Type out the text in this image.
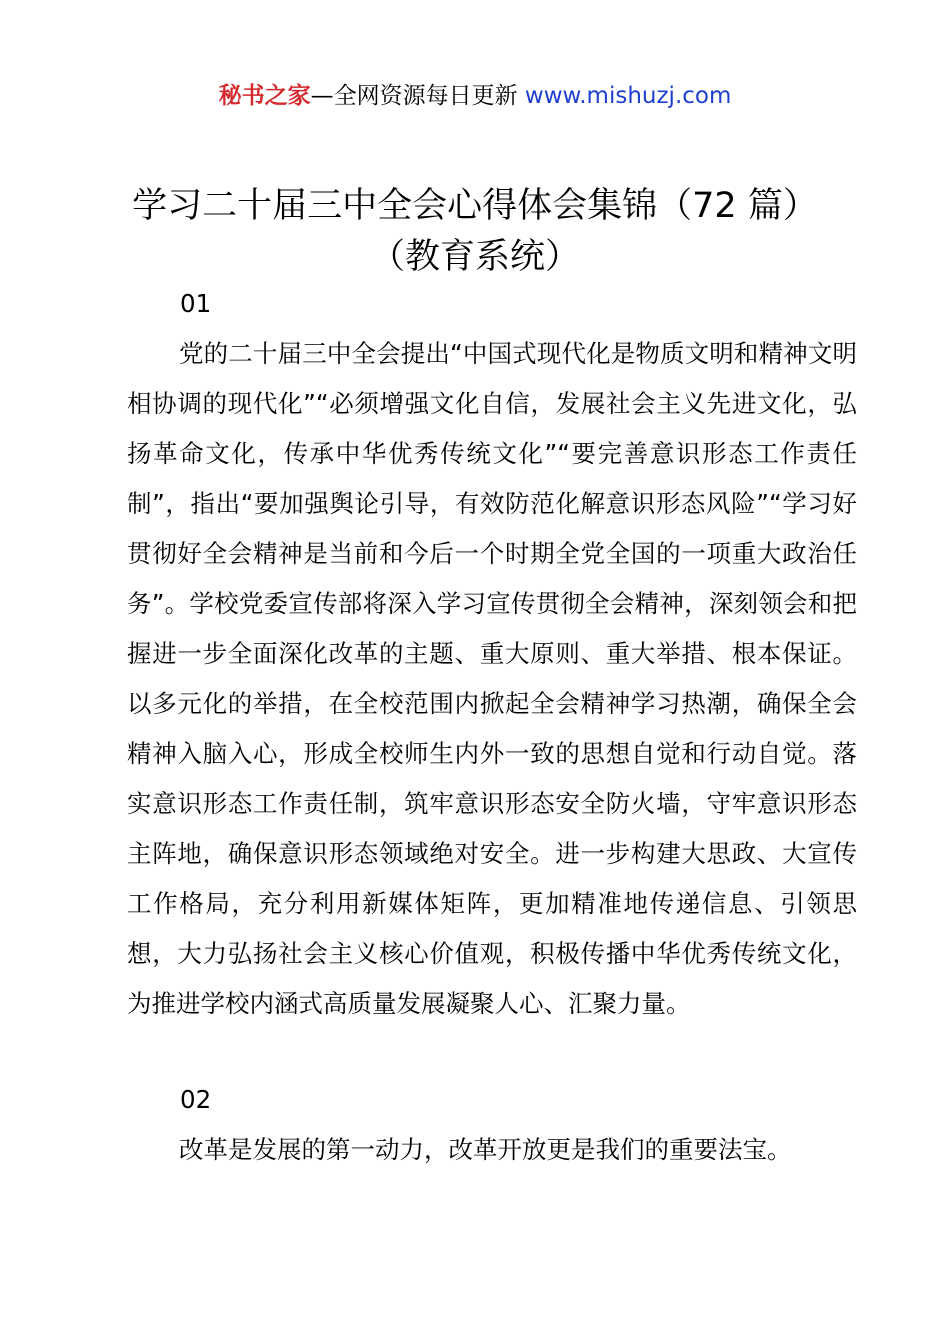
秘书之家—全网资源每日更新 www.mishuzj.com
学习二十届三中全会心得体会集锦（72 篇）
（教育系统）
01

党的二十届三中全会提出“中国式现代化是物质文明和精神文明相协调的现代化”“必须增强文化自信，发展社会主义先进文化，弘扬革命文化，传承中华优秀传统文化”“要完善意识形态工作责任制”，指出“要加强舆论引导，有效防范化解意识形态风险”“学习好贯彻好全会精神是当前和今后一个时期全党全国的一项重大政治任务”。学校党委宣传部将深入学习宣传贯彻全会精神，深刻领会和把握进一步全面深化改革的主题、重大原则、重大举措、根本保证。以多元化的举措，在全校范围内掀起全会精神学习热潮，确保全会精神入脑入心，形成全校师生内外一致的思想自觉和行动自觉。落实意识形态工作责任制，筑牢意识形态安全防火墙，守牢意识形态主阵地，确保意识形态领域绝对安全。进一步构建大思政、大宣传工作格局，充分利用新媒体矩阵，更加精准地传递信息、引领思想，大力弘扬社会主义核心价值观，积极传播中华优秀传统文化，为推进学校内涵式高质量发展凝聚人心、汇聚力量。

02

改革是发展的第一动力，改革开放更是我们的重要法宝。
